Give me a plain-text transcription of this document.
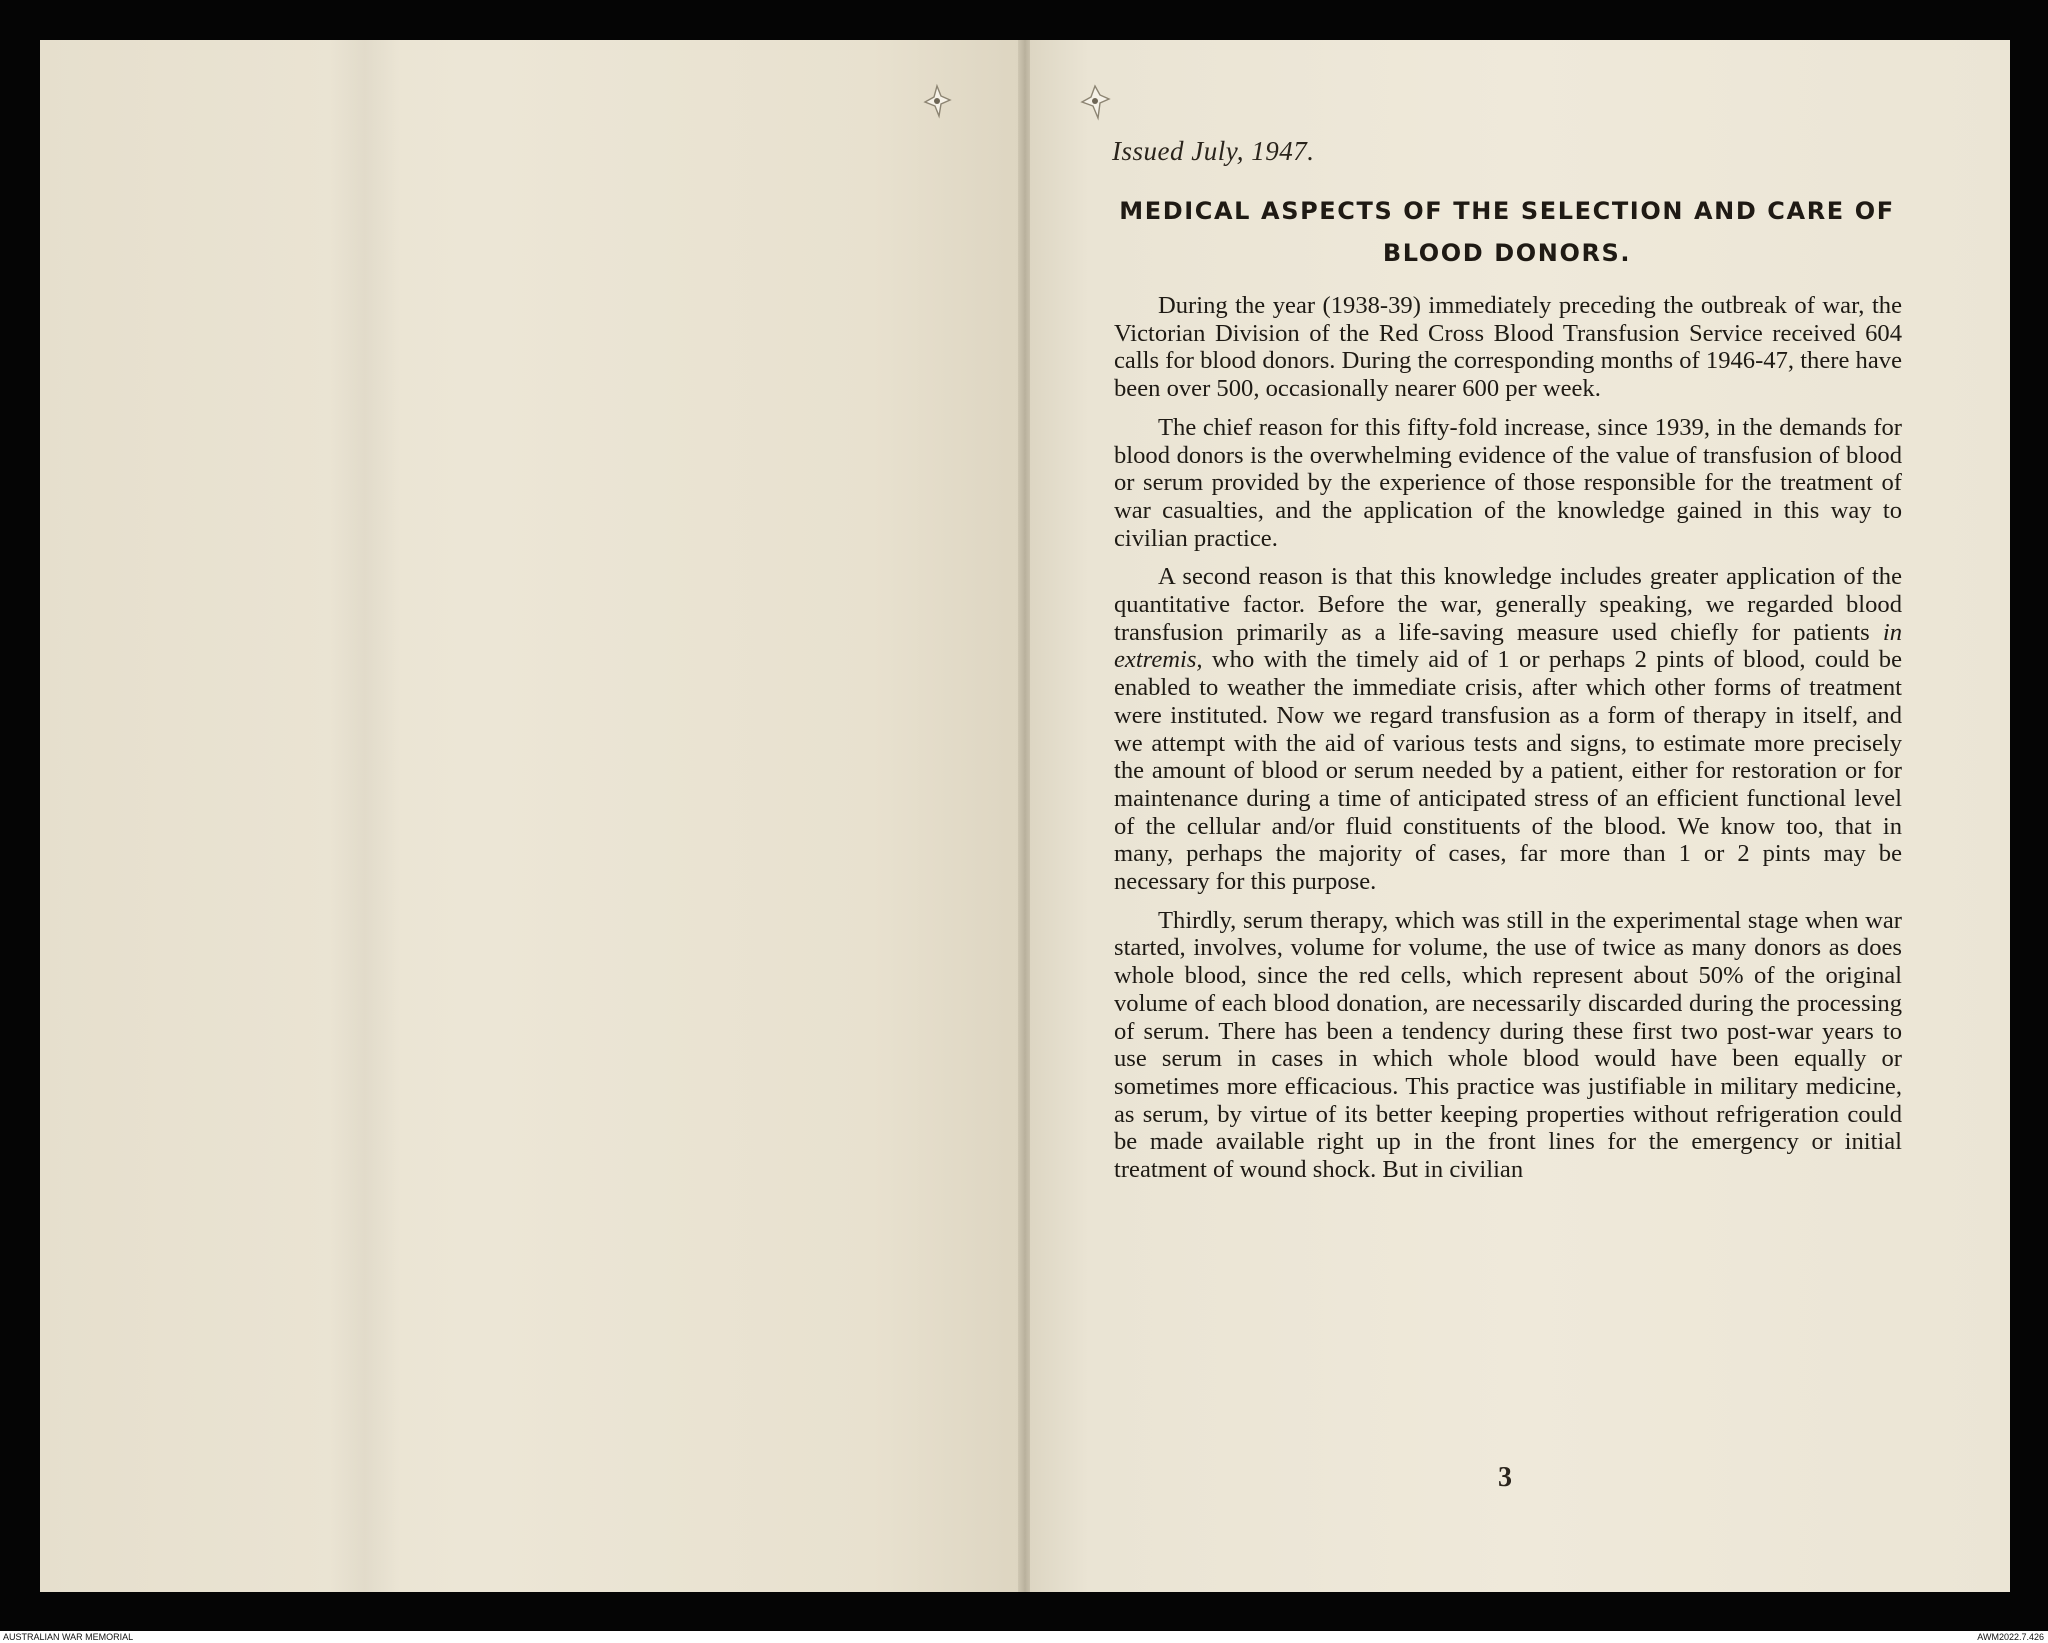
Issued July, 1947.

MEDICAL ASPECTS OF THE SELECTION AND CARE OF BLOOD DONORS.

During the year (1938-39) immediately preceding the outbreak of war, the Victorian Division of the Red Cross Blood Transfusion Service received 604 calls for blood donors. During the corresponding months of 1946-47, there have been over 500, occasionally nearer 600 per week.

The chief reason for this fifty-fold increase, since 1939, in the demands for blood donors is the overwhelming evidence of the value of transfusion of blood or serum provided by the experience of those responsible for the treatment of war casualties, and the application of the knowledge gained in this way to civilian practice.

A second reason is that this knowledge includes greater application of the quantitative factor. Before the war, generally speaking, we regarded blood transfusion primarily as a life-saving measure used chiefly for patients in extremis, who with the timely aid of 1 or perhaps 2 pints of blood, could be enabled to weather the immediate crisis, after which other forms of treatment were instituted. Now we regard transfusion as a form of therapy in itself, and we attempt with the aid of various tests and signs, to estimate more precisely the amount of blood or serum needed by a patient, either for restoration or for maintenance during a time of anticipated stress of an efficient functional level of the cellular and/or fluid constituents of the blood. We know too, that in many, perhaps the majority of cases, far more than 1 or 2 pints may be necessary for this purpose.

Thirdly, serum therapy, which was still in the experimental stage when war started, involves, volume for volume, the use of twice as many donors as does whole blood, since the red cells, which represent about 50% of the original volume of each blood donation, are necessarily discarded during the processing of serum. There has been a tendency during these first two post-war years to use serum in cases in which whole blood would have been equally or sometimes more efficacious. This practice was justifiable in military medicine, as serum, by virtue of its better keeping properties without refrigeration could be made available right up in the front lines for the emergency or initial treatment of wound shock. But in civilian

3

AUSTRALIAN WAR MEMORIAL	AWM2022.7.426
